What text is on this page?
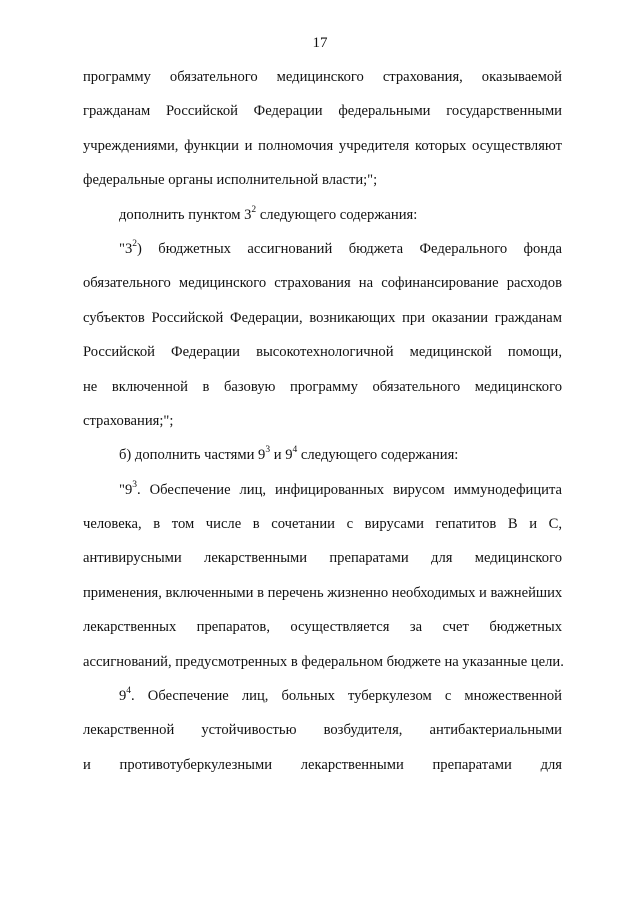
17
программу обязательного медицинского страхования, оказываемой
гражданам Российской Федерации федеральными государственными
учреждениями, функции и полномочия учредителя которых осуществляют
федеральные органы исполнительной власти;";
дополнить пунктом $3^2$ следующего содержания:
"$3^2$) бюджетных ассигнований бюджета Федерального фонда
обязательного медицинского страхования на софинансирование расходов
субъектов Российской Федерации, возникающих при оказании гражданам
Российской Федерации высокотехнологичной медицинской помощи,
не включенной в базовую программу обязательного медицинского
страхования;";
б) дополнить частями $9^3$ и $9^4$ следующего содержания:
"$9^3$. Обеспечение лиц, инфицированных вирусом иммунодефицита
человека, в том числе в сочетании с вирусами гепатитов В и С,
антивирусными лекарственными препаратами для медицинского
применения, включенными в перечень жизненно необходимых и важнейших
лекарственных препаратов, осуществляется за счет бюджетных
ассигнований, предусмотренных в федеральном бюджете на указанные цели.
$9^4$. Обеспечение лиц, больных туберкулезом с множественной
лекарственной устойчивостью возбудителя, антибактериальными
и противотуберкулезными лекарственными препаратами для
